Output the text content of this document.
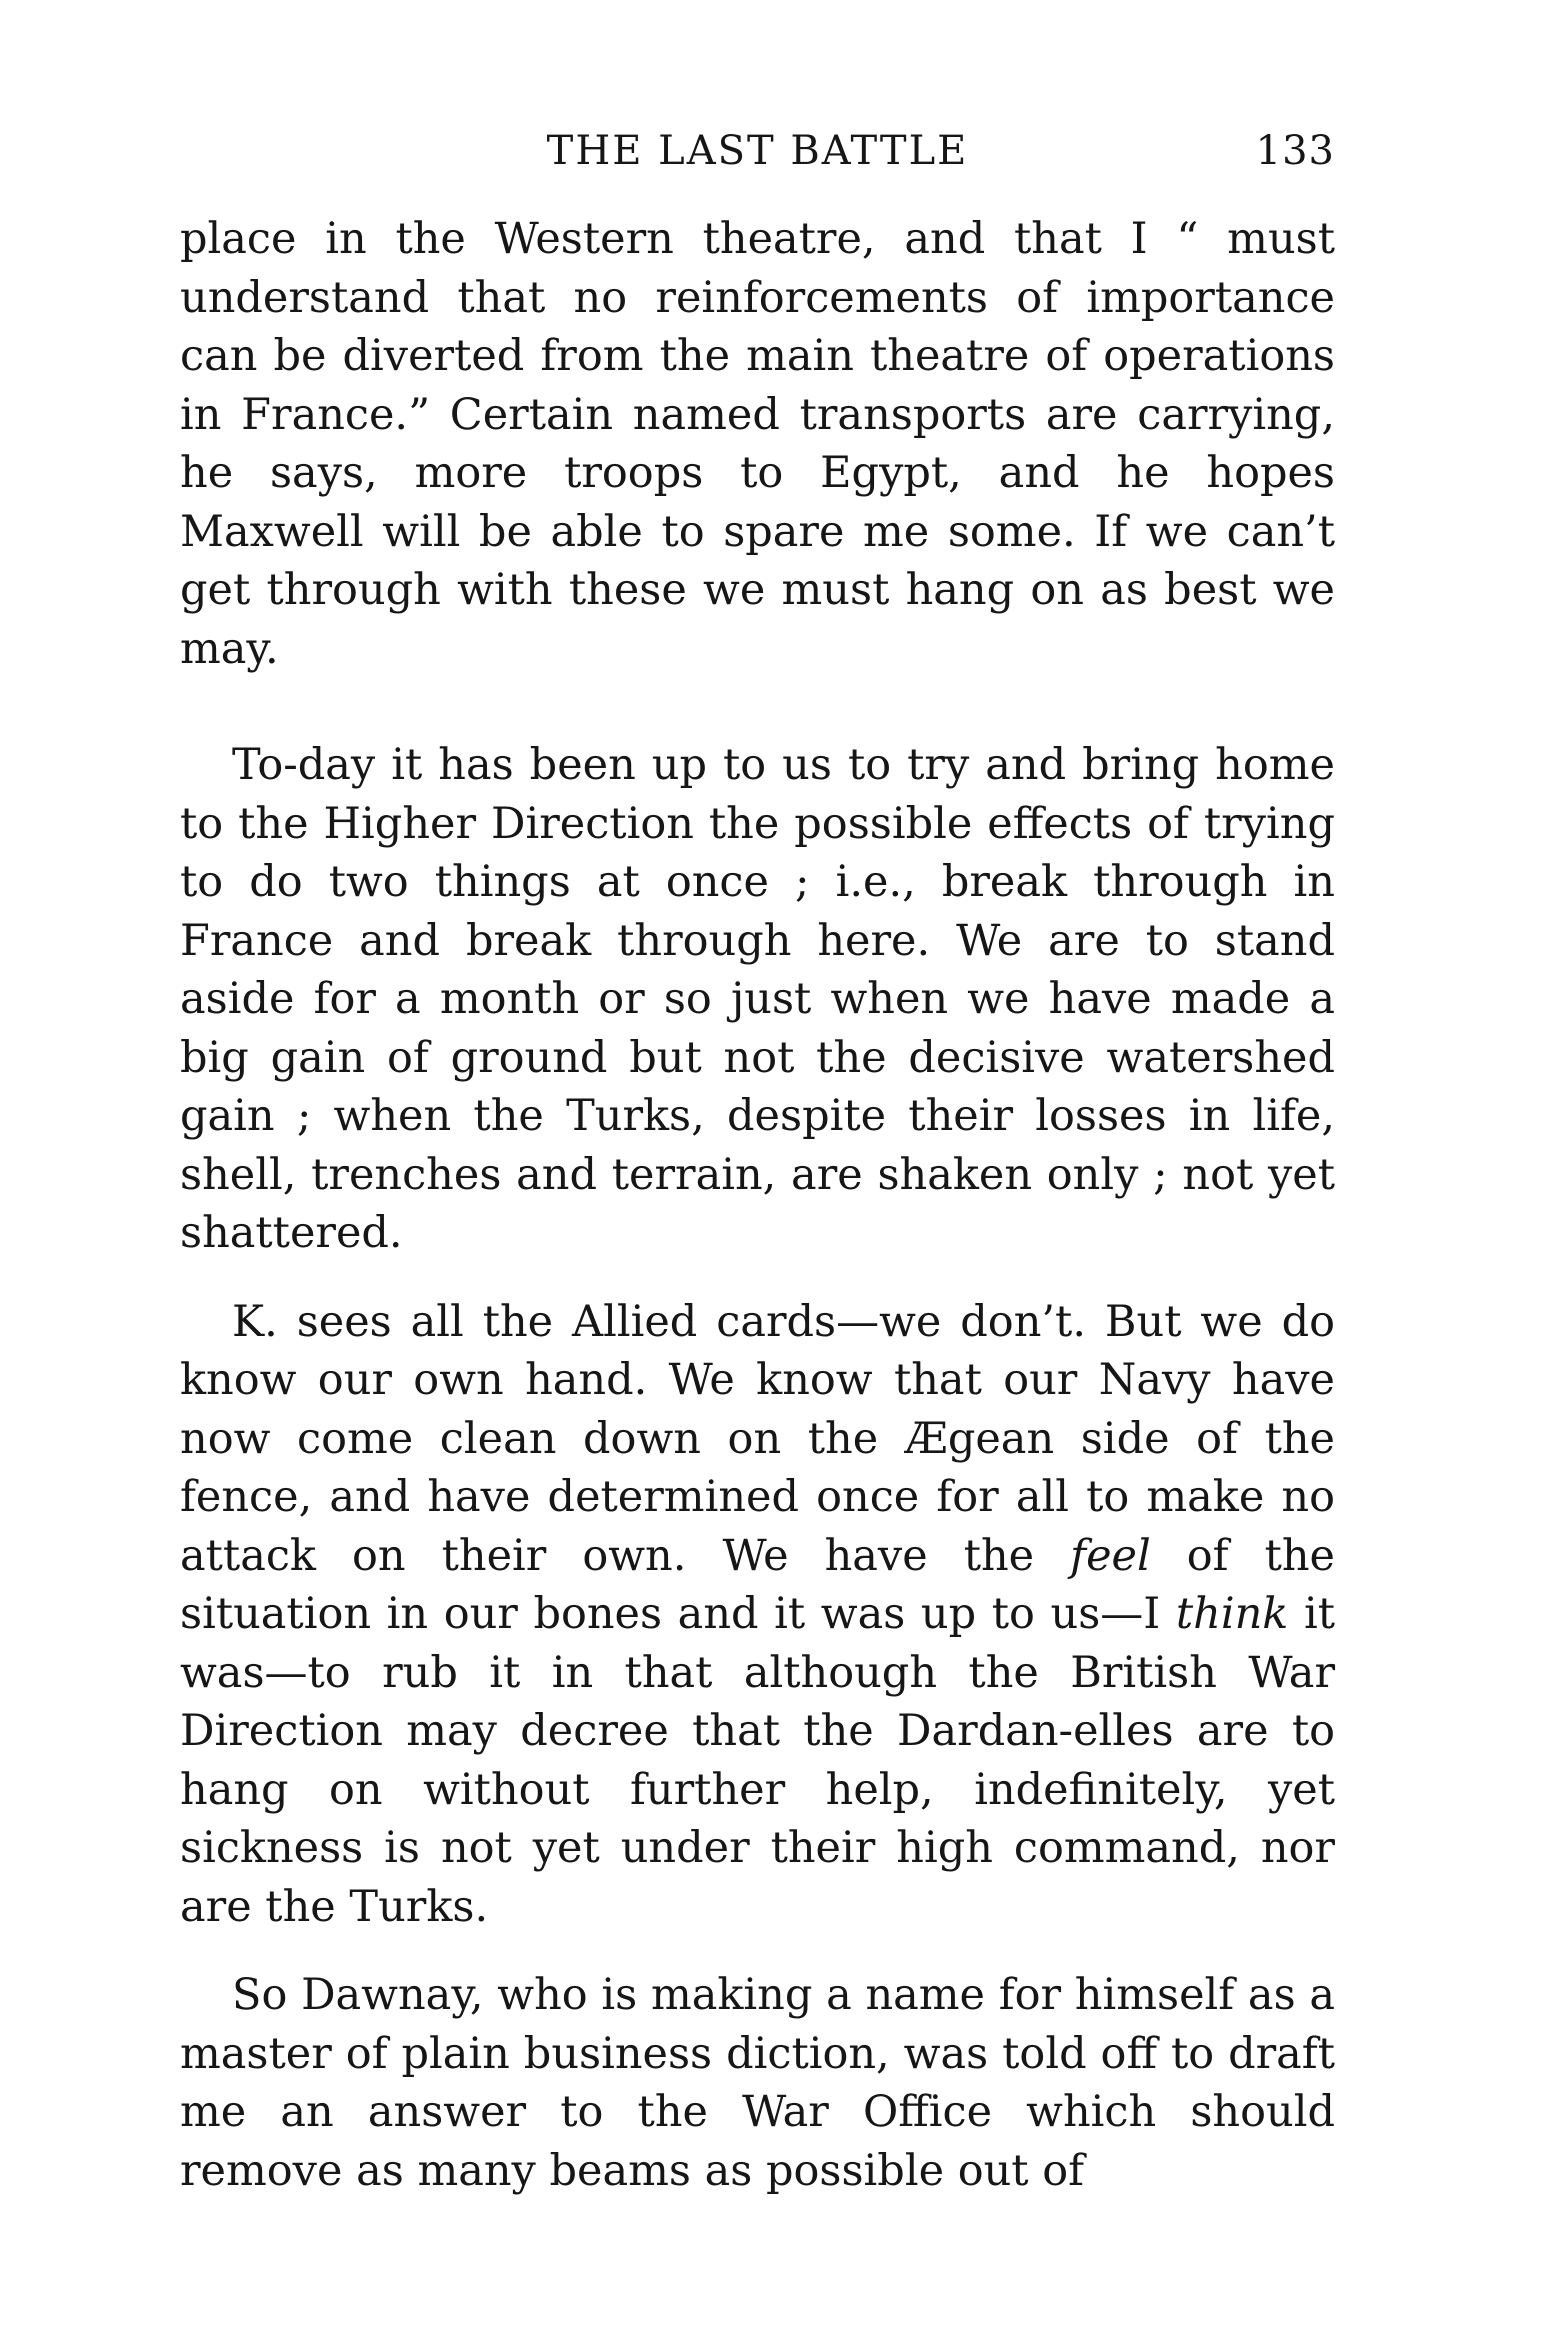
THE LAST BATTLE	133

place in the Western theatre, and that I “ must understand that no reinforcements of importance can be diverted from the main theatre of operations in France.” Certain named transports are carrying, he says, more troops to Egypt, and he hopes Maxwell will be able to spare me some. If we can’t get through with these we must hang on as best we may.

To-day it has been up to us to try and bring home to the Higher Direction the possible effects of trying to do two things at once ; i.e., break through in France and break through here. We are to stand aside for a month or so just when we have made a big gain of ground but not the decisive watershed gain ; when the Turks, despite their losses in life, shell, trenches and terrain, are shaken only ; not yet shattered.

K. sees all the Allied cards—we don’t. But we do know our own hand. We know that our Navy have now come clean down on the Ægean side of the fence, and have determined once for all to make no attack on their own. We have the feel of the situation in our bones and it was up to us—I think it was—to rub it in that although the British War Direction may decree that the Dardan-elles are to hang on without further help, indefinitely, yet sickness is not yet under their high command, nor are the Turks.

So Dawnay, who is making a name for himself as a master of plain business diction, was told off to draft me an answer to the War Office which should remove as many beams as possible out of
